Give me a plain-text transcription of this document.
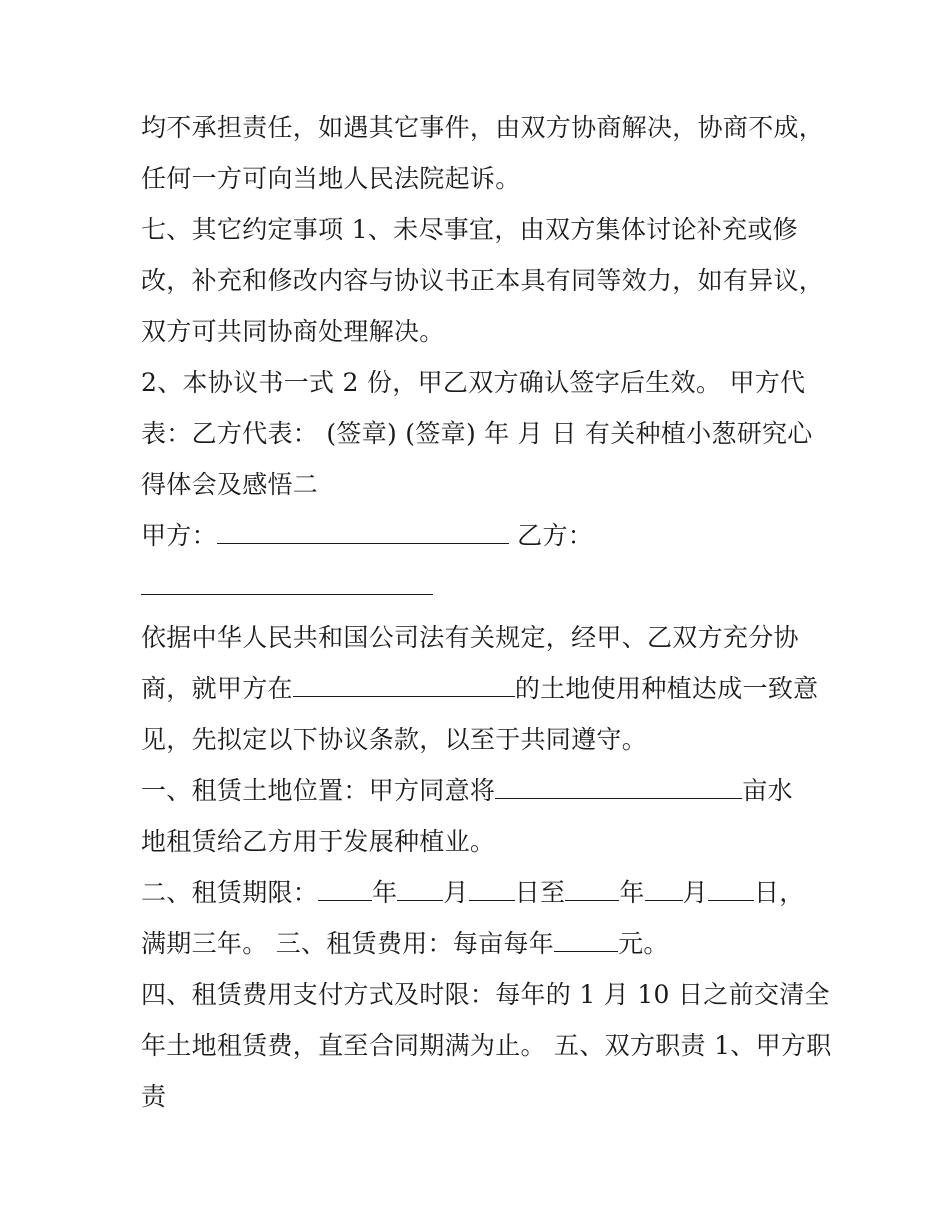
均不承担责任，如遇其它事件，由双方协商解决，协商不成，
任何一方可向当地人民法院起诉。
七、其它约定事项 1、未尽事宜，由双方集体讨论补充或修
改，补充和修改内容与协议书正本具有同等效力，如有异议，
双方可共同协商处理解决。
2、本协议书一式 2 份，甲乙双方确认签字后生效。 甲方代
表：乙方代表： (签章) (签章) 年 月 日 有关种植小葱研究心
得体会及感悟二
甲方：	乙方：
依据中华人民共和国公司法有关规定，经甲、乙双方充分协
商，就甲方在	的土地使用种植达成一致意
见，先拟定以下协议条款，以至于共同遵守。
一、租赁土地位置：甲方同意将	亩水
地租赁给乙方用于发展种植业。
二、租赁期限： 年 月 日至 年 月 日，
满期三年。 三、租赁费用：每亩每年	元。
四、租赁费用支付方式及时限：每年的 1 月 10 日之前交清全
年土地租赁费，直至合同期满为止。 五、双方职责 1、甲方职
责
